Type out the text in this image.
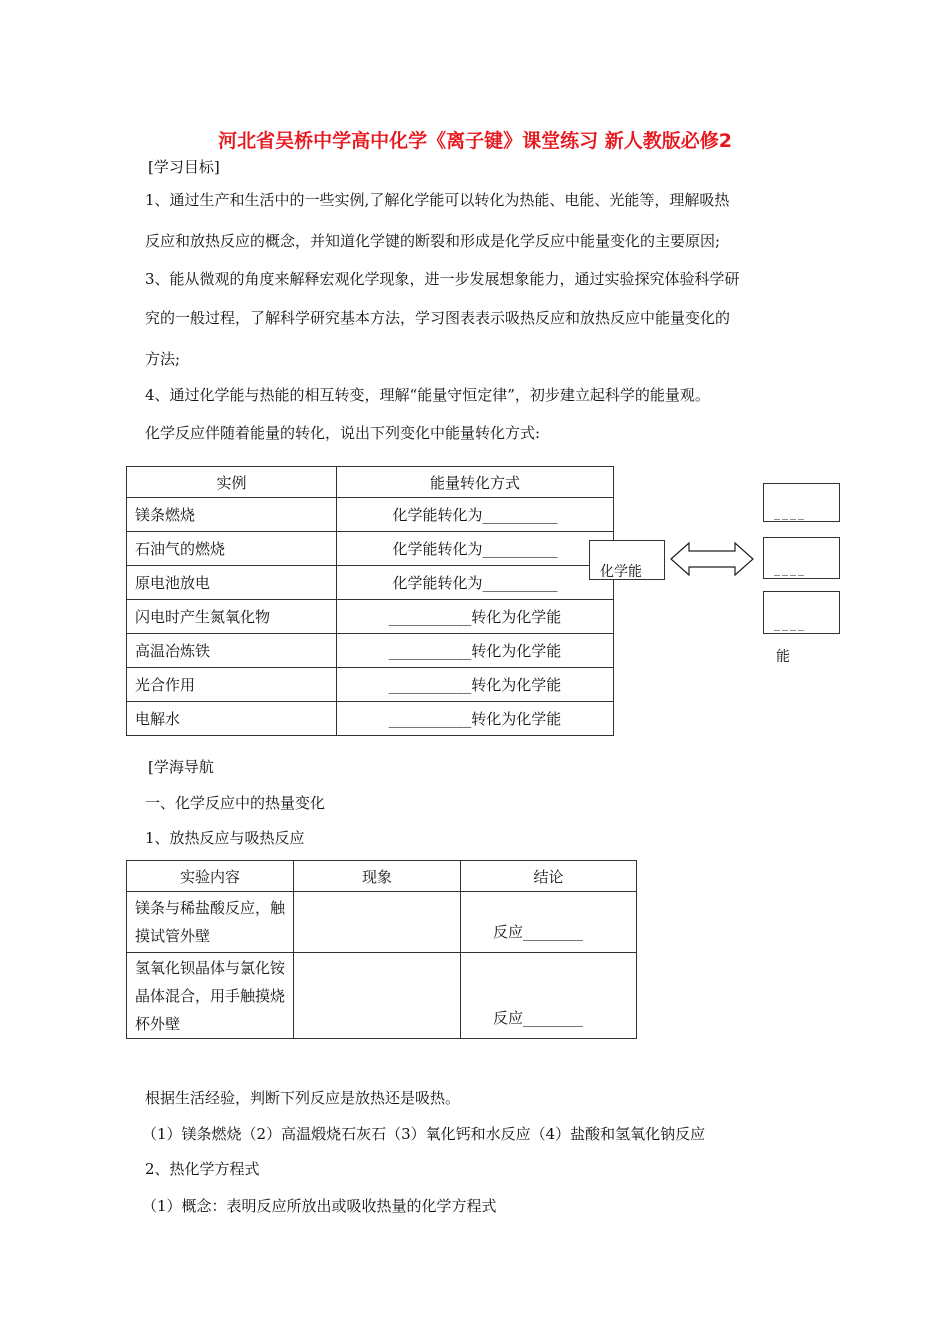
河北省吴桥中学高中化学《离子键》课堂练习 新人教版必修2
[学习目标]
1、通过生产和生活中的一些实例,了解化学能可以转化为热能、电能、光能等，理解吸热
反应和放热反应的概念，并知道化学键的断裂和形成是化学反应中能量变化的主要原因;
3、能从微观的角度来解释宏观化学现象，进一步发展想象能力，通过实验探究体验科学研
究的一般过程，了解科学研究基本方法，学习图表表示吸热反应和放热反应中能量变化的
方法;
4、通过化学能与热能的相互转变，理解“能量守恒定律”，初步建立起科学的能量观。
化学反应伴随着能量的转化，说出下列变化中能量转化方式:
实例	能量转化方式
镁条燃烧	化学能转化为__________
石油气的燃烧	化学能转化为__________
原电池放电	化学能转化为__________
闪电时产生氮氧化物	___________转化为化学能
高温冶炼铁	___________转化为化学能
光合作用	___________转化为化学能
电解水	___________转化为化学能
化学能
____
____
____
能
[学海导航
一、化学反应中的热量变化
1、放热反应与吸热反应
实验内容	现象	结论
镁条与稀盐酸反应，触摸试管外壁		反应________
氢氧化钡晶体与氯化铵晶体混合，用手触摸烧杯外壁		反应________
根据生活经验，判断下列反应是放热还是吸热。
（1）镁条燃烧（2）高温煅烧石灰石（3）氧化钙和水反应（4）盐酸和氢氧化钠反应
2、热化学方程式
（1）概念：表明反应所放出或吸收热量的化学方程式
